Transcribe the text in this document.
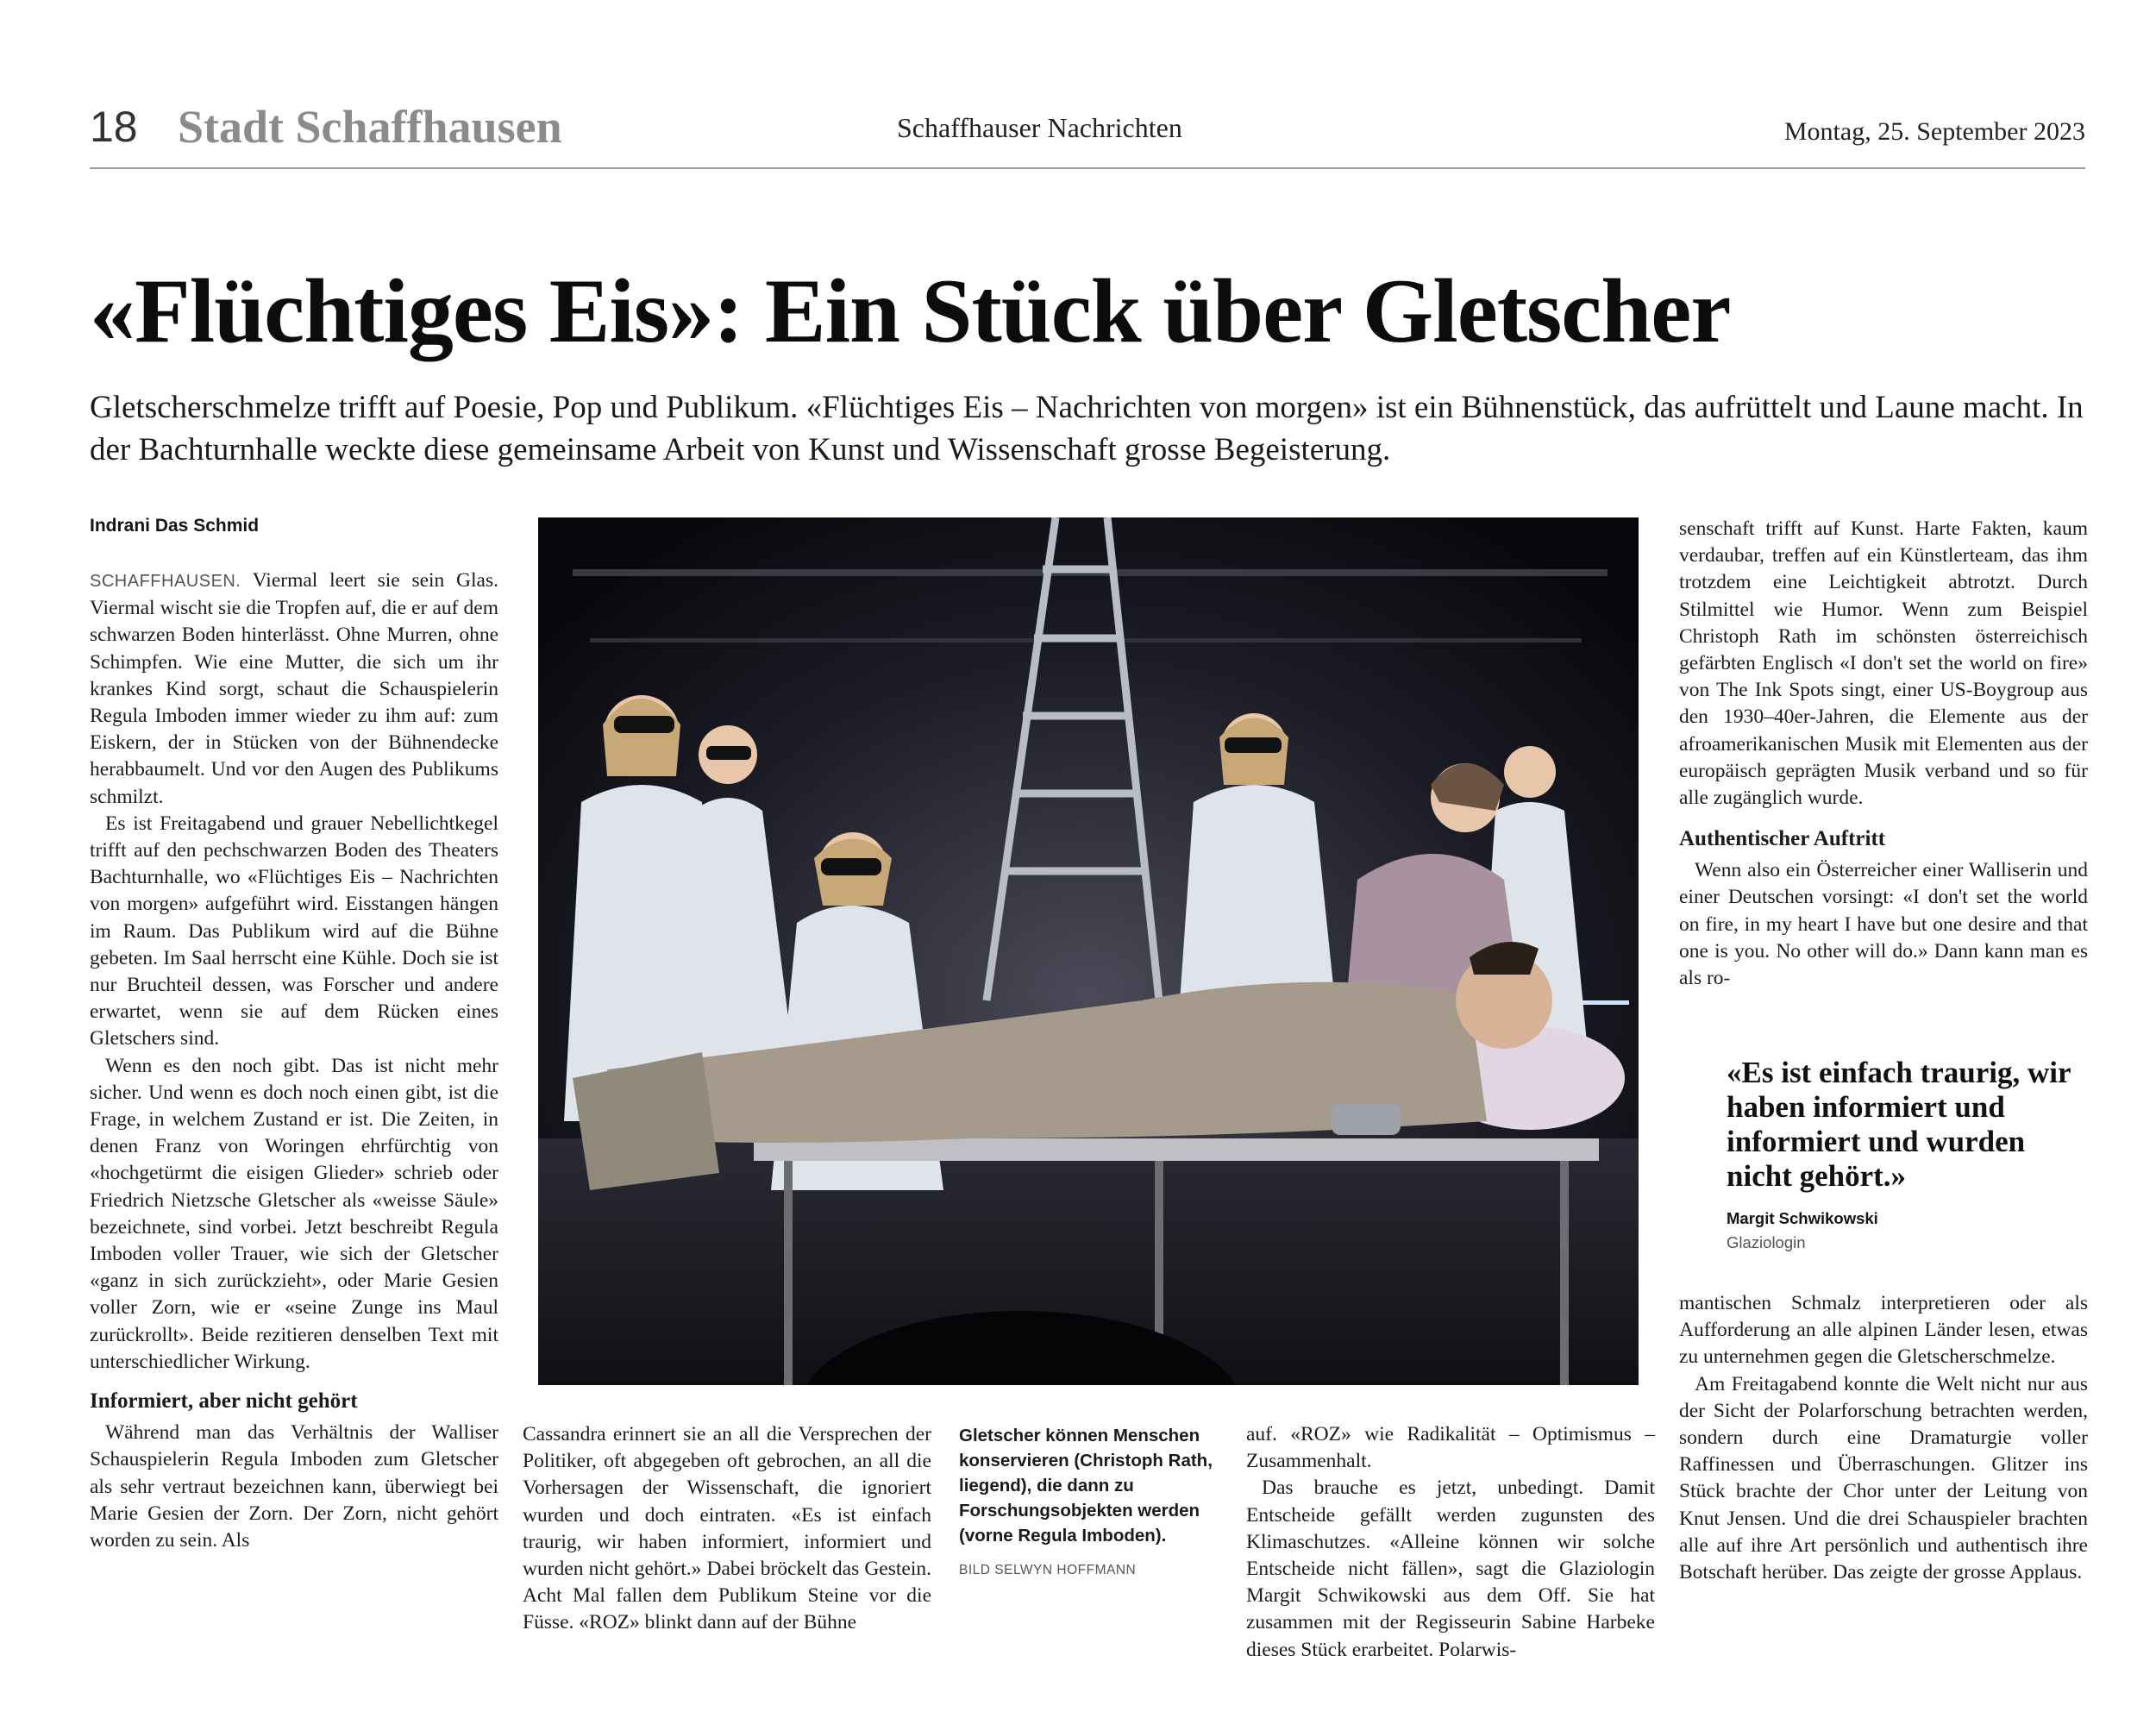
18 Stadt Schaffhausen	Schaffhauser Nachrichten	Montag, 25. September 2023
«Flüchtiges Eis»: Ein Stück über Gletscher
Gletscherschmelze trifft auf Poesie, Pop und Publikum. «Flüchtiges Eis – Nachrichten von morgen» ist ein Bühnenstück, das aufrüttelt und Laune macht. In der Bachturnhalle weckte diese gemeinsame Arbeit von Kunst und Wissenschaft grosse Begeisterung.
Indrani Das Schmid

SCHAFFHAUSEN. Viermal leert sie sein Glas. Viermal wischt sie die Tropfen auf, die er auf dem schwarzen Boden hinterlässt. Ohne Murren, ohne Schimpfen. Wie eine Mutter, die sich um ihr krankes Kind sorgt, schaut die Schauspielerin Regula Imboden immer wieder zu ihm auf: zum Eiskern, der in Stücken von der Bühnendecke herabbaumelt. Und vor den Augen des Publikums schmilzt.

Es ist Freitagabend und grauer Nebellichtkegel trifft auf den pechschwarzen Boden des Theaters Bachturnhalle, wo «Flüchtiges Eis – Nachrichten von morgen» aufgeführt wird. Eisstangen hängen im Raum. Das Publikum wird auf die Bühne gebeten. Im Saal herrscht eine Kühle. Doch sie ist nur Bruchteil dessen, was Forscher und andere erwartet, wenn sie auf dem Rücken eines Gletschers sind.

Wenn es den noch gibt. Das ist nicht mehr sicher. Und wenn es doch noch einen gibt, ist die Frage, in welchem Zustand er ist. Die Zeiten, in denen Franz von Woringen ehrfürchtig von «hochgetürmt die eisigen Glieder» schrieb oder Friedrich Nietzsche Gletscher als «weisse Säule» bezeichnete, sind vorbei. Jetzt beschreibt Regula Imboden voller Trauer, wie sich der Gletscher «ganz in sich zurückzieht», oder Marie Gesien voller Zorn, wie er «seine Zunge ins Maul zurückrollt». Beide rezitieren denselben Text mit unterschiedlicher Wirkung.

Informiert, aber nicht gehört

Während man das Verhältnis der Walliser Schauspielerin Regula Imboden zum Gletscher als sehr vertraut bezeichnen kann, überwiegt bei Marie Gesien der Zorn. Der Zorn, nicht gehört worden zu sein. Als

Cassandra erinnert sie an all die Versprechen der Politiker, oft abgegeben oft gebrochen, an all die Vorhersagen der Wissenschaft, die ignoriert wurden und doch eintraten. «Es ist einfach traurig, wir haben informiert, informiert und wurden nicht gehört.» Dabei bröckelt das Gestein. Acht Mal fallen dem Publikum Steine vor die Füsse. «ROZ» blinkt dann auf der Bühne

Gletscher können Menschen konservieren (Christoph Rath, liegend), die dann zu Forschungsobjekten werden (vorne Regula Imboden).
BILD SELWYN HOFFMANN

auf. «ROZ» wie Radikalität – Optimismus – Zusammenhalt.

Das brauche es jetzt, unbedingt. Damit Entscheide gefällt werden zugunsten des Klimaschutzes. «Alleine können wir solche Entscheide nicht fällen», sagt die Glaziologin Margit Schwikowski aus dem Off. Sie hat zusammen mit der Regisseurin Sabine Harbeke dieses Stück erarbeitet. Polarwis-

senschaft trifft auf Kunst. Harte Fakten, kaum verdaubar, treffen auf ein Künstlerteam, das ihm trotzdem eine Leichtigkeit abtrotzt. Durch Stilmittel wie Humor. Wenn zum Beispiel Christoph Rath im schönsten österreichisch gefärbten Englisch «I don't set the world on fire» von The Ink Spots singt, einer US-Boygroup aus den 1930–40er-Jahren, die Elemente aus der afroamerikanischen Musik mit Elementen aus der europäisch geprägten Musik verband und so für alle zugänglich wurde.

Authentischer Auftritt

Wenn also ein Österreicher einer Walliserin und einer Deutschen vorsingt: «I don't set the world on fire, in my heart I have but one desire and that one is you. No other will do.» Dann kann man es als ro-

«Es ist einfach traurig, wir haben informiert und informiert und wurden nicht gehört.»
Margit Schwikowski
Glaziologin

mantischen Schmalz interpretieren oder als Aufforderung an alle alpinen Länder lesen, etwas zu unternehmen gegen die Gletscherschmelze.

Am Freitagabend konnte die Welt nicht nur aus der Sicht der Polarforschung betrachten werden, sondern durch eine Dramaturgie voller Raffinessen und Überraschungen. Glitzer ins Stück brachte der Chor unter der Leitung von Knut Jensen. Und die drei Schauspieler brachten alle auf ihre Art persönlich und authentisch ihre Botschaft herüber. Das zeigte der grosse Applaus.
